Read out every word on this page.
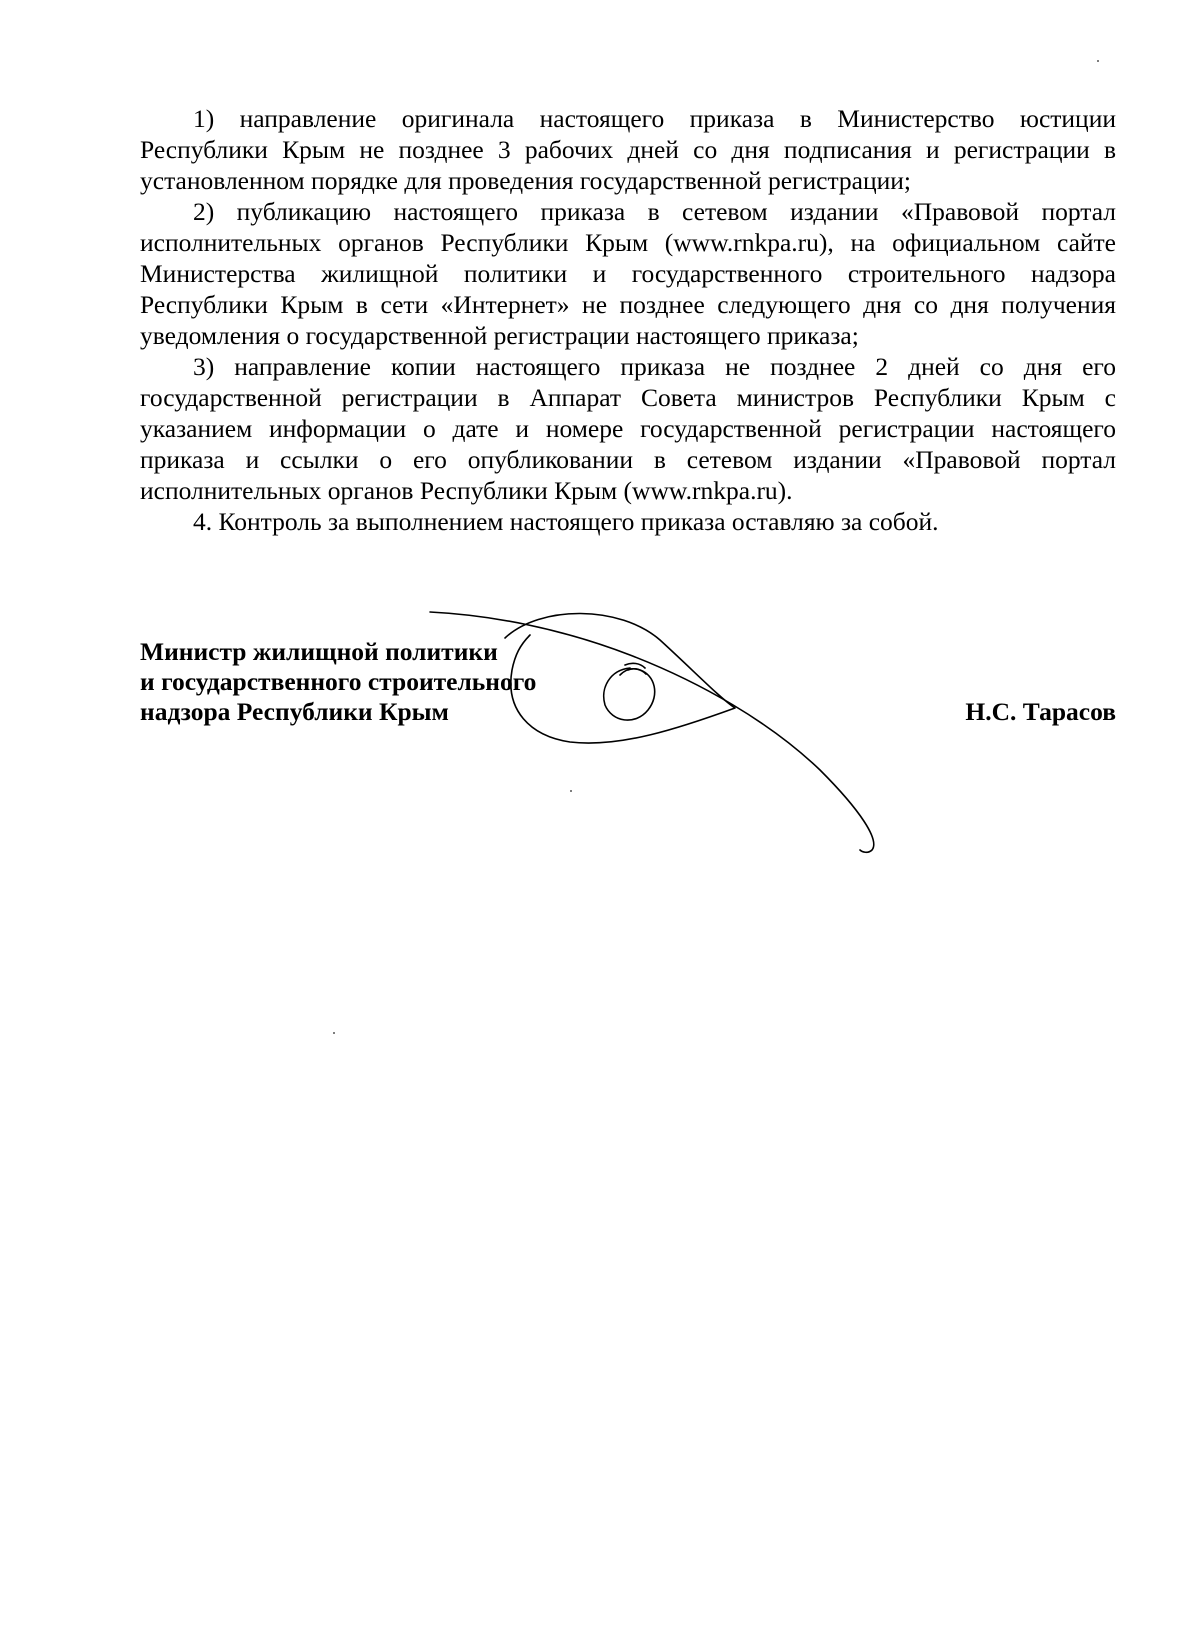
1) направление оригинала настоящего приказа в Министерство юстиции Республики Крым не позднее 3 рабочих дней со дня подписания и регистрации в установленном порядке для проведения государственной регистрации;

2) публикацию настоящего приказа в сетевом издании «Правовой портал исполнительных органов Республики Крым (www.rnkpa.ru), на официальном сайте Министерства жилищной политики и государственного строительного надзора Республики Крым в сети «Интернет» не позднее следующего дня со дня получения уведомления о государственной регистрации настоящего приказа;

3) направление копии настоящего приказа не позднее 2 дней со дня его государственной регистрации в Аппарат Совета министров Республики Крым с указанием информации о дате и номере государственной регистрации настоящего приказа и ссылки о его опубликовании в сетевом издании «Правовой портал исполнительных органов Республики Крым (www.rnkpa.ru).

4. Контроль за выполнением настоящего приказа оставляю за собой.

Министр жилищной политики
и государственного строительного
надзора Республики Крым	Н.С. Тарасов
